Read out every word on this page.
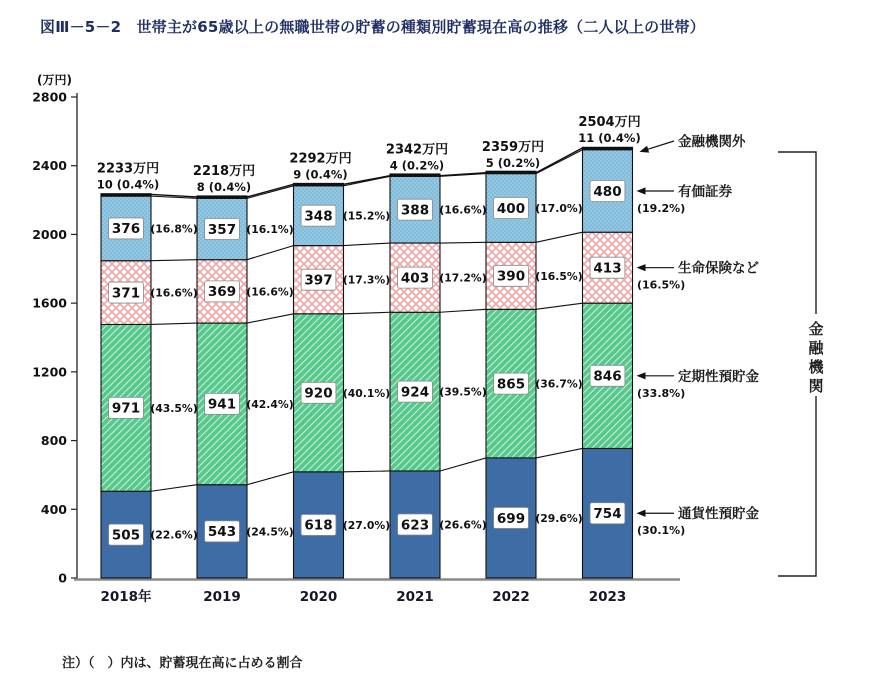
0
400
800
1200
1600
2000
2400
2800
(万円)
505 (22.6%)
971 (43.5%)
371 (16.6%)
376 (16.8%)
2233万円
10 (0.4%)
543 (24.5%)
941 (42.4%)
369 (16.6%)
357 (16.1%)
2218万円
8 (0.4%)
618 (27.0%)
920 (40.1%)
397 (17.3%)
348 (15.2%)
2292万円
9 (0.4%)
623 (26.6%)
924 (39.5%)
403 (17.2%)
388 (16.6%)
2342万円
4 (0.2%)
699 (29.6%)
865 (36.7%)
390 (16.5%)
400 (17.0%)
2359万円
5 (0.2%)
754
846
413
480
2504万円
11 (0.4%)
2018年	2019	2020	2021	2022	2023
金融機関外
有価証券
(19.2%)
生命保険など
(16.5%)
定期性預貯金
(33.8%)
通貨性預貯金
(30.1%)
金
融
機
関
図Ⅲ－5－2　世帯主が65歳以上の無職世帯の貯蓄の種類別貯蓄現在高の推移（二人以上の世帯）
注）（　）内は、貯蓄現在高に占める割合
